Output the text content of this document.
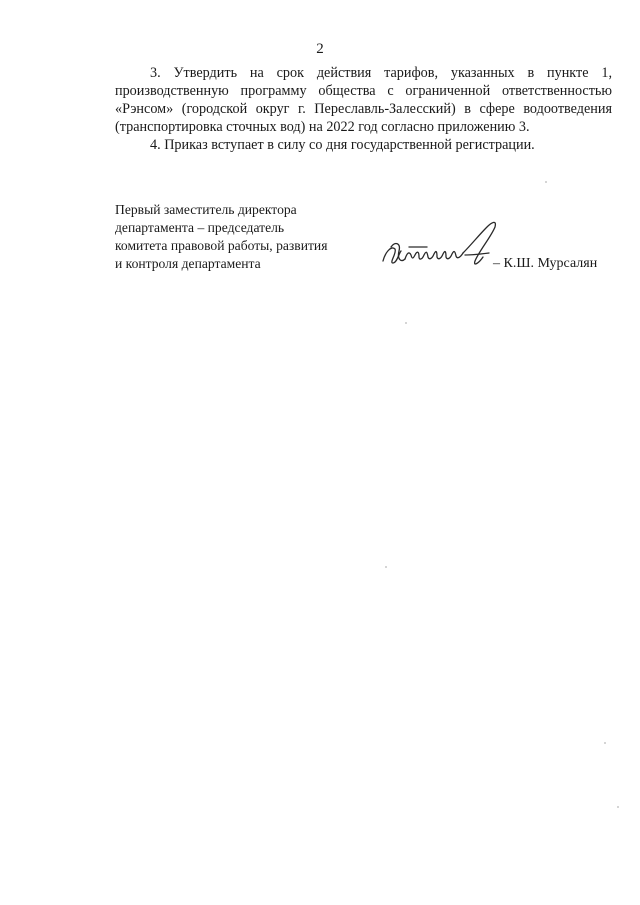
2

3. Утвердить на срок действия тарифов, указанных в пункте 1, производственную программу общества с ограниченной ответственностью «Рэнсом» (городской округ г. Переславль-Залесский) в сфере водоотведения (транспортировка сточных вод) на 2022 год согласно приложению 3.

4. Приказ вступает в силу со дня государственной регистрации.

Первый заместитель директора
департамента – председатель
комитета правовой работы, развития
и контроля департамента	– К.Ш. Мурсалян
